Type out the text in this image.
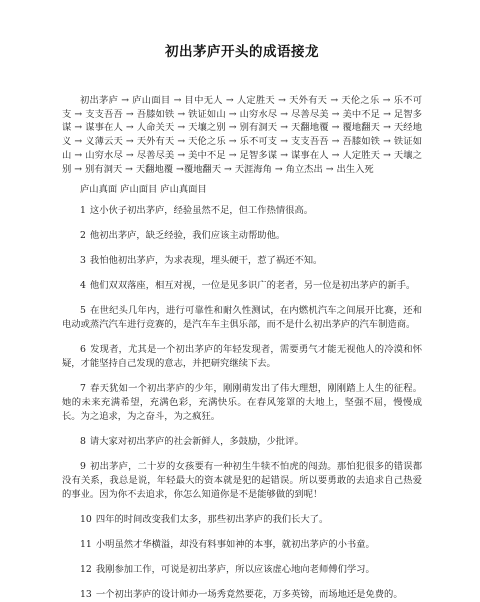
初出茅庐开头的成语接龙

初出茅庐 → 庐山面目 → 目中无人 → 人定胜天 → 天外有天 → 天伦之乐 → 乐不可支 → 支支吾吾 → 吾膝如铁 → 铁证如山 → 山穷水尽 → 尽善尽美 → 美中不足 → 足智多谋 → 谋事在人 → 人命关天 → 天壤之别 → 别有洞天 → 天翻地覆 → 覆地翻天 → 天经地义 → 义薄云天 → 天外有天 → 天伦之乐 → 乐不可支 → 支支吾吾 → 吾膝如铁 → 铁证如山 → 山穷水尽 → 尽善尽美 → 美中不足 → 足智多谋 → 谋事在人 → 人定胜天 → 天壤之别 → 别有洞天 → 天翻地覆 →覆地翻天 → 天涯海角 → 角立杰出 → 出生入死

庐山真面 庐山面目 庐山真面目

1 这小伙子初出茅庐，经验虽然不足，但工作热情很高。
2 他初出茅庐，缺乏经验，我们应该主动帮助他。
3 我怕他初出茅庐，为求表现，埋头硬干，惹了祸还不知。
4 他们双双落座，相互对视，一位是见多识广的老者，另一位是初出茅庐的新手。
5 在世纪头几年内，进行可靠性和耐久性测试，在内燃机汽车之间展开比赛，还和电动或蒸汽汽车进行竞赛的，是汽车车主俱乐部，而不是什么初出茅庐的汽车制造商。
6 发现者，尤其是一个初出茅庐的年轻发现者，需要勇气才能无视他人的冷漠和怀疑，才能坚持自己发现的意志，并把研究继续下去。
7 春天犹如一个初出茅庐的少年，刚刚萌发出了伟大理想，刚刚踏上人生的征程。她的未来充满希望，充满色彩，充满快乐。在春风笼罩的大地上，坚强不屈，慢慢成长。为之追求，为之奋斗，为之疯狂。
8 请大家对初出茅庐的社会新鲜人，多鼓励，少批评。
9 初出茅庐，二十岁的女孩要有一种初生牛犊不怕虎的闯劲。那怕犯很多的错误都没有关系，我总是说，年轻最大的资本就是犯的起错误。所以要勇敢的去追求自己热爱的事业。因为你不去追求，你怎么知道你是不是能够做的到呢！
10 四年的时间改变我们太多，那些初出茅庐的我们长大了。
11 小明虽然才华横溢，却没有料事如神的本事，就初出茅庐的小书童。
12 我刚参加工作，可说是初出茅庐，所以应该虚心地向老师傅们学习。
13 一个初出茅庐的设计师办一场秀竟然要花，万多英镑，而场地还是免费的。
